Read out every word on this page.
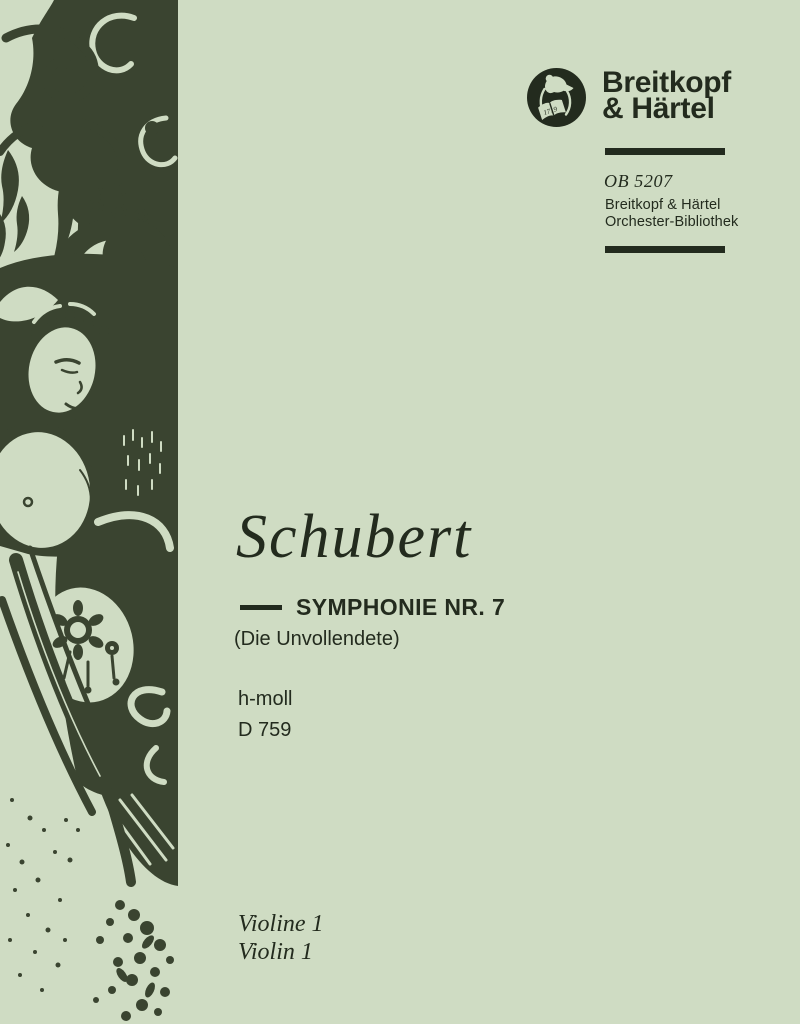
1719
Breitkopf
& Härtel
OB 5207
Breitkopf & Härtel
Orchester-Bibliothek
Schubert
SYMPHONIE NR. 7
(Die Unvollendete)
h-moll
D 759
Violine 1
Violin 1
